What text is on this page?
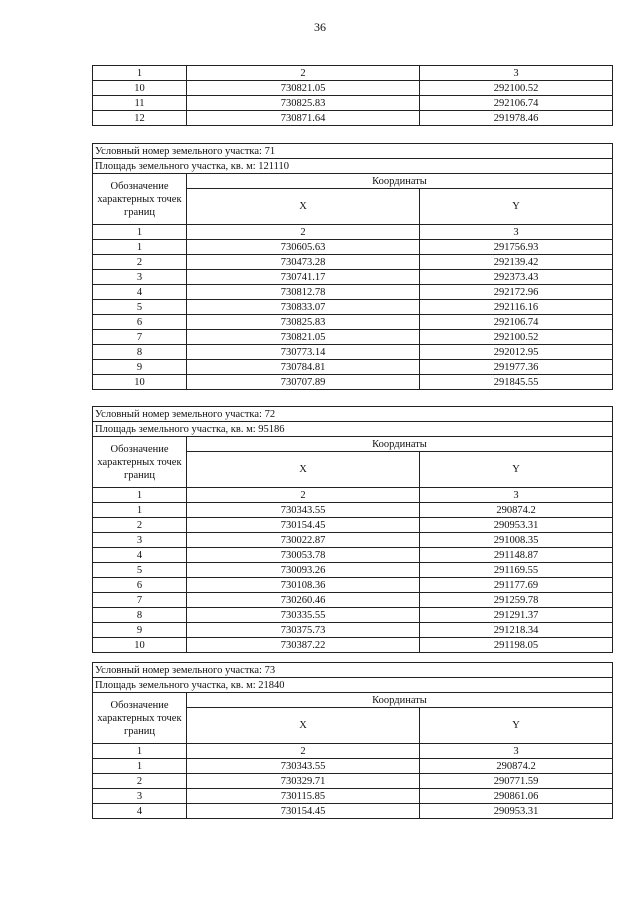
36
1	2	3
10	730821.05	292100.52
11	730825.83	292106.74
12	730871.64	291978.46
Условный номер земельного участка: 71		
Площадь земельного участка, кв. м: 121110		
Обозначение характерных точек границ	Координаты	
	X	Y
1	2	3
1	730605.63	291756.93
2	730473.28	292139.42
3	730741.17	292373.43
4	730812.78	292172.96
5	730833.07	292116.16
6	730825.83	292106.74
7	730821.05	292100.52
8	730773.14	292012.95
9	730784.81	291977.36
10	730707.89	291845.55
Условный номер земельного участка: 72		
Площадь земельного участка, кв. м: 95186		
Обозначение характерных точек границ	Координаты	
	X	Y
1	2	3
1	730343.55	290874.2
2	730154.45	290953.31
3	730022.87	291008.35
4	730053.78	291148.87
5	730093.26	291169.55
6	730108.36	291177.69
7	730260.46	291259.78
8	730335.55	291291.37
9	730375.73	291218.34
10	730387.22	291198.05
Условный номер земельного участка: 73		
Площадь земельного участка, кв. м: 21840		
Обозначение характерных точек границ	Координаты	
	X	Y
1	2	3
1	730343.55	290874.2
2	730329.71	290771.59
3	730115.85	290861.06
4	730154.45	290953.31
